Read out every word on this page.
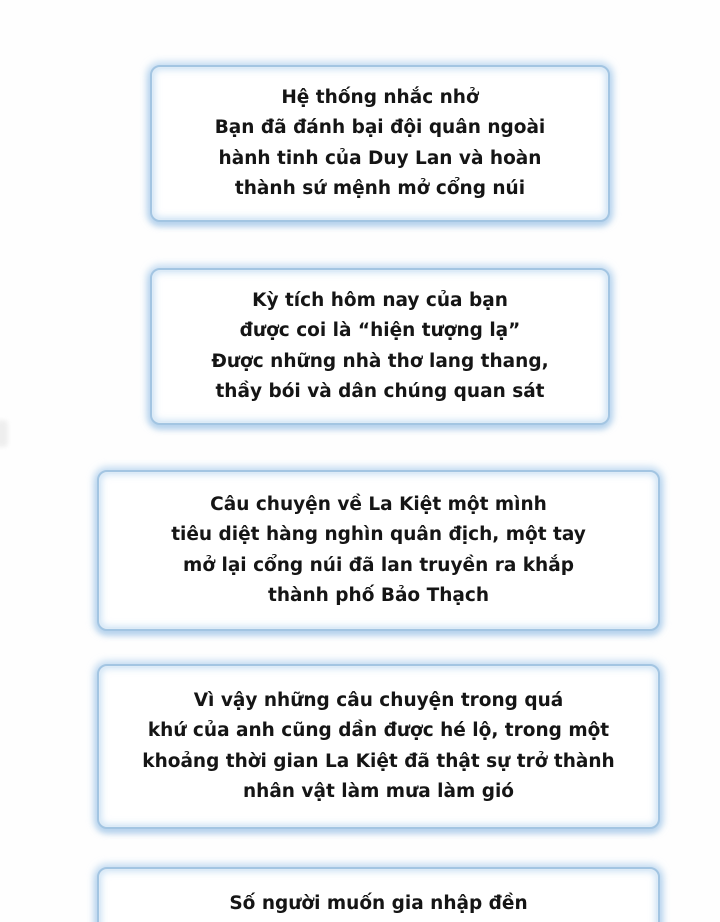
Hệ thống nhắc nhở
Bạn đã đánh bại đội quân ngoài
hành tinh của Duy Lan và hoàn
thành sứ mệnh mở cổng núi
Kỳ tích hôm nay của bạn
được coi là “hiện tượng lạ”
Được những nhà thơ lang thang,
thầy bói và dân chúng quan sát
Câu chuyện về La Kiệt một mình
tiêu diệt hàng nghìn quân địch, một tay
mở lại cổng núi đã lan truyền ra khắp
thành phố Bảo Thạch
Vì vậy những câu chuyện trong quá
khứ của anh cũng dần được hé lộ, trong một
khoảng thời gian La Kiệt đã thật sự trở thành
nhân vật làm mưa làm gió
Số người muốn gia nhập đền
